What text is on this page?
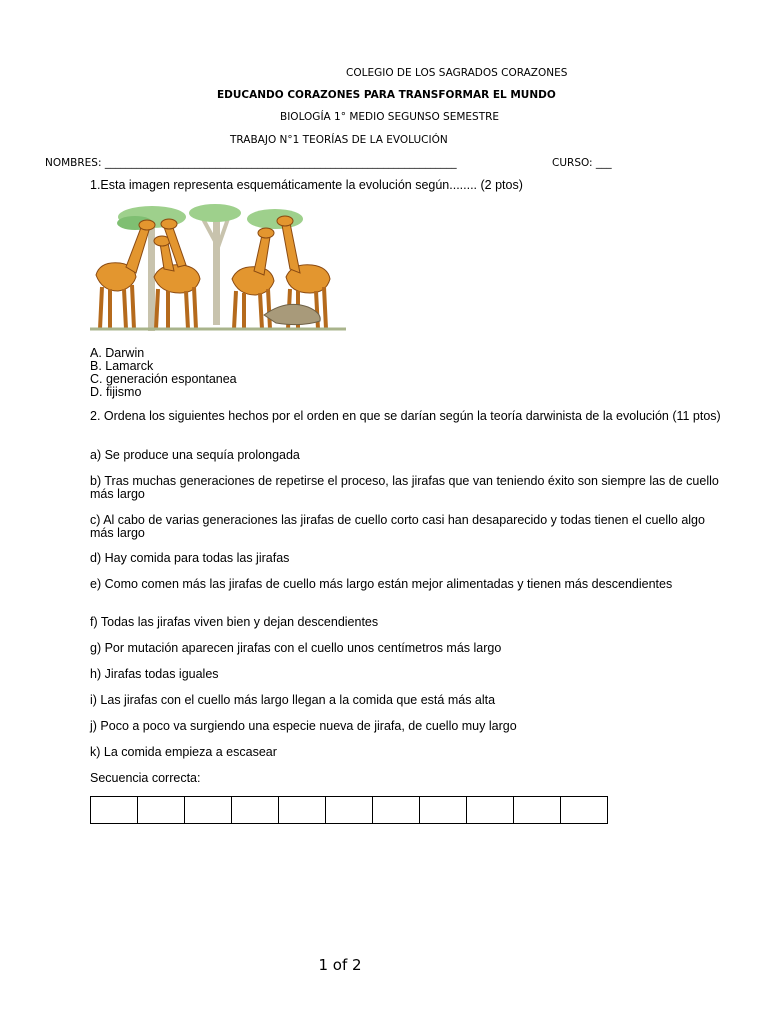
COLEGIO DE LOS SAGRADOS CORAZONES
EDUCANDO CORAZONES PARA TRANSFORMAR EL MUNDO
BIOLOGÍA 1° MEDIO SEGUNSO SEMESTRE
TRABAJO N°1 TEORÍAS DE LA EVOLUCIÓN
NOMBRES: ___________________________________________________________________	CURSO: ___
1.Esta imagen representa esquemáticamente la evolución según........ (2 ptos)
A. Darwin
B. Lamarck
C. generación espontanea
D. fijismo
2. Ordena los siguientes hechos por el orden en que se darían según la teoría darwinista de la evolución (11 ptos)
a) Se produce una sequía prolongada
b) Tras muchas generaciones de repetirse el proceso, las jirafas que van teniendo éxito son siempre las de cuello más largo
c) Al cabo de varias generaciones las jirafas de cuello corto casi han desaparecido y todas tienen el cuello algo más largo
d) Hay comida para todas las jirafas
e) Como comen más las jirafas de cuello más largo están mejor alimentadas y tienen más descendientes
f) Todas las jirafas viven bien y dejan descendientes
g) Por mutación aparecen jirafas con el cuello unos centímetros más largo
h) Jirafas todas iguales
i) Las jirafas con el cuello más largo llegan a la comida que está más alta
j) Poco a poco va surgiendo una especie nueva de jirafa, de cuello muy largo
k) La comida empieza a escasear
Secuencia correcta:

1 of 2
